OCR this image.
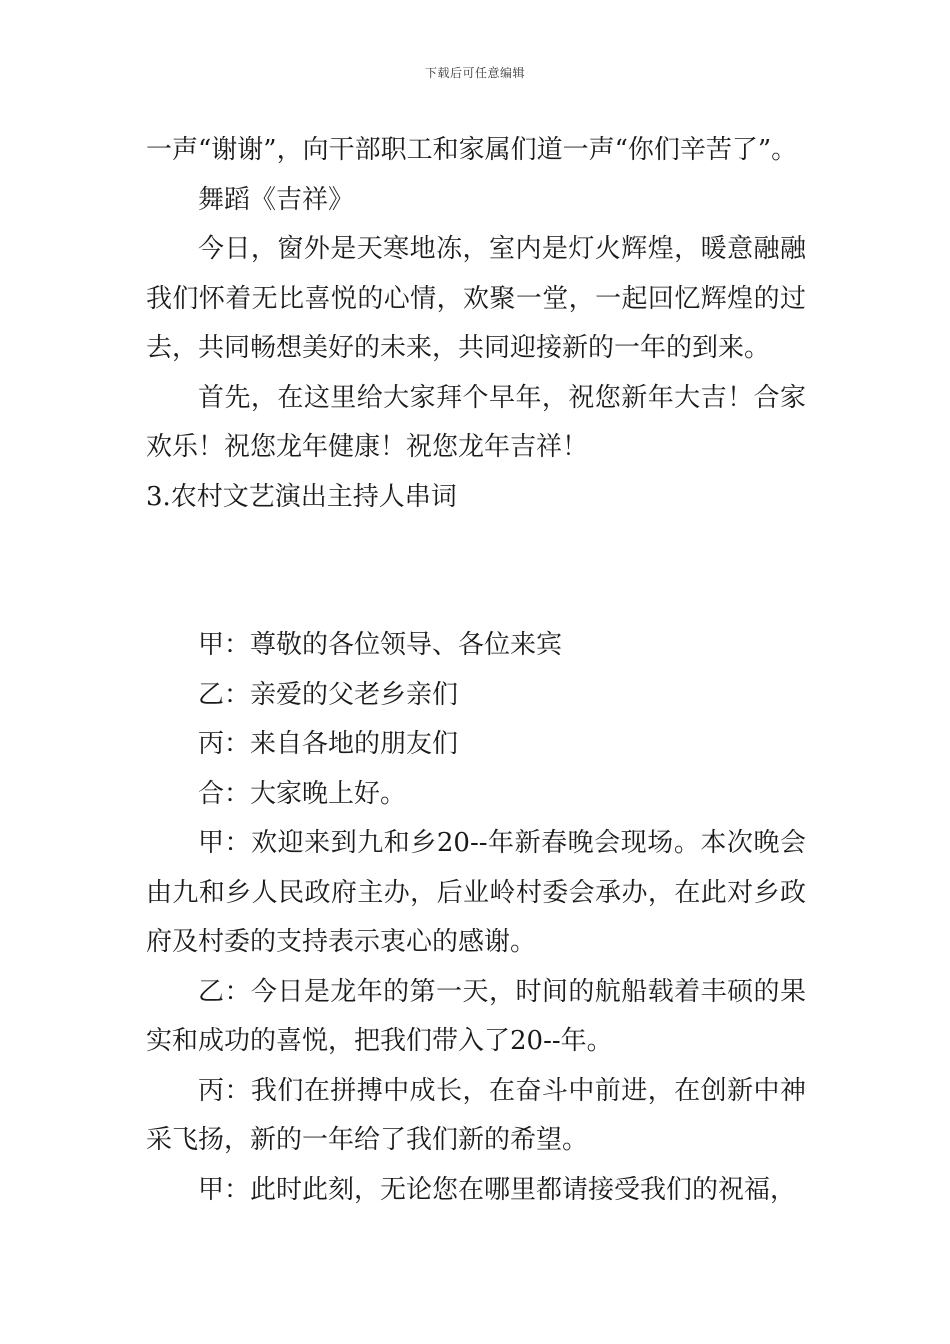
下载后可任意编辑

一声“谢谢”，向干部职工和家属们道一声“你们辛苦了”。

舞蹈《吉祥》

今日，窗外是天寒地冻，室内是灯火辉煌，暖意融融我们怀着无比喜悦的心情，欢聚一堂，一起回忆辉煌的过去，共同畅想美好的未来，共同迎接新的一年的到来。

首先，在这里给大家拜个早年，祝您新年大吉！合家欢乐！祝您龙年健康！祝您龙年吉祥！

3.农村文艺演出主持人串词

甲：尊敬的各位领导、各位来宾

乙：亲爱的父老乡亲们

丙：来自各地的朋友们

合：大家晚上好。

甲：欢迎来到九和乡20--年新春晚会现场。本次晚会由九和乡人民政府主办，后业岭村委会承办，在此对乡政府及村委的支持表示衷心的感谢。

乙：今日是龙年的第一天，时间的航船载着丰硕的果实和成功的喜悦，把我们带入了20--年。

丙：我们在拼搏中成长，在奋斗中前进，在创新中神采飞扬，新的一年给了我们新的希望。

甲：此时此刻，无论您在哪里都请接受我们的祝福，
